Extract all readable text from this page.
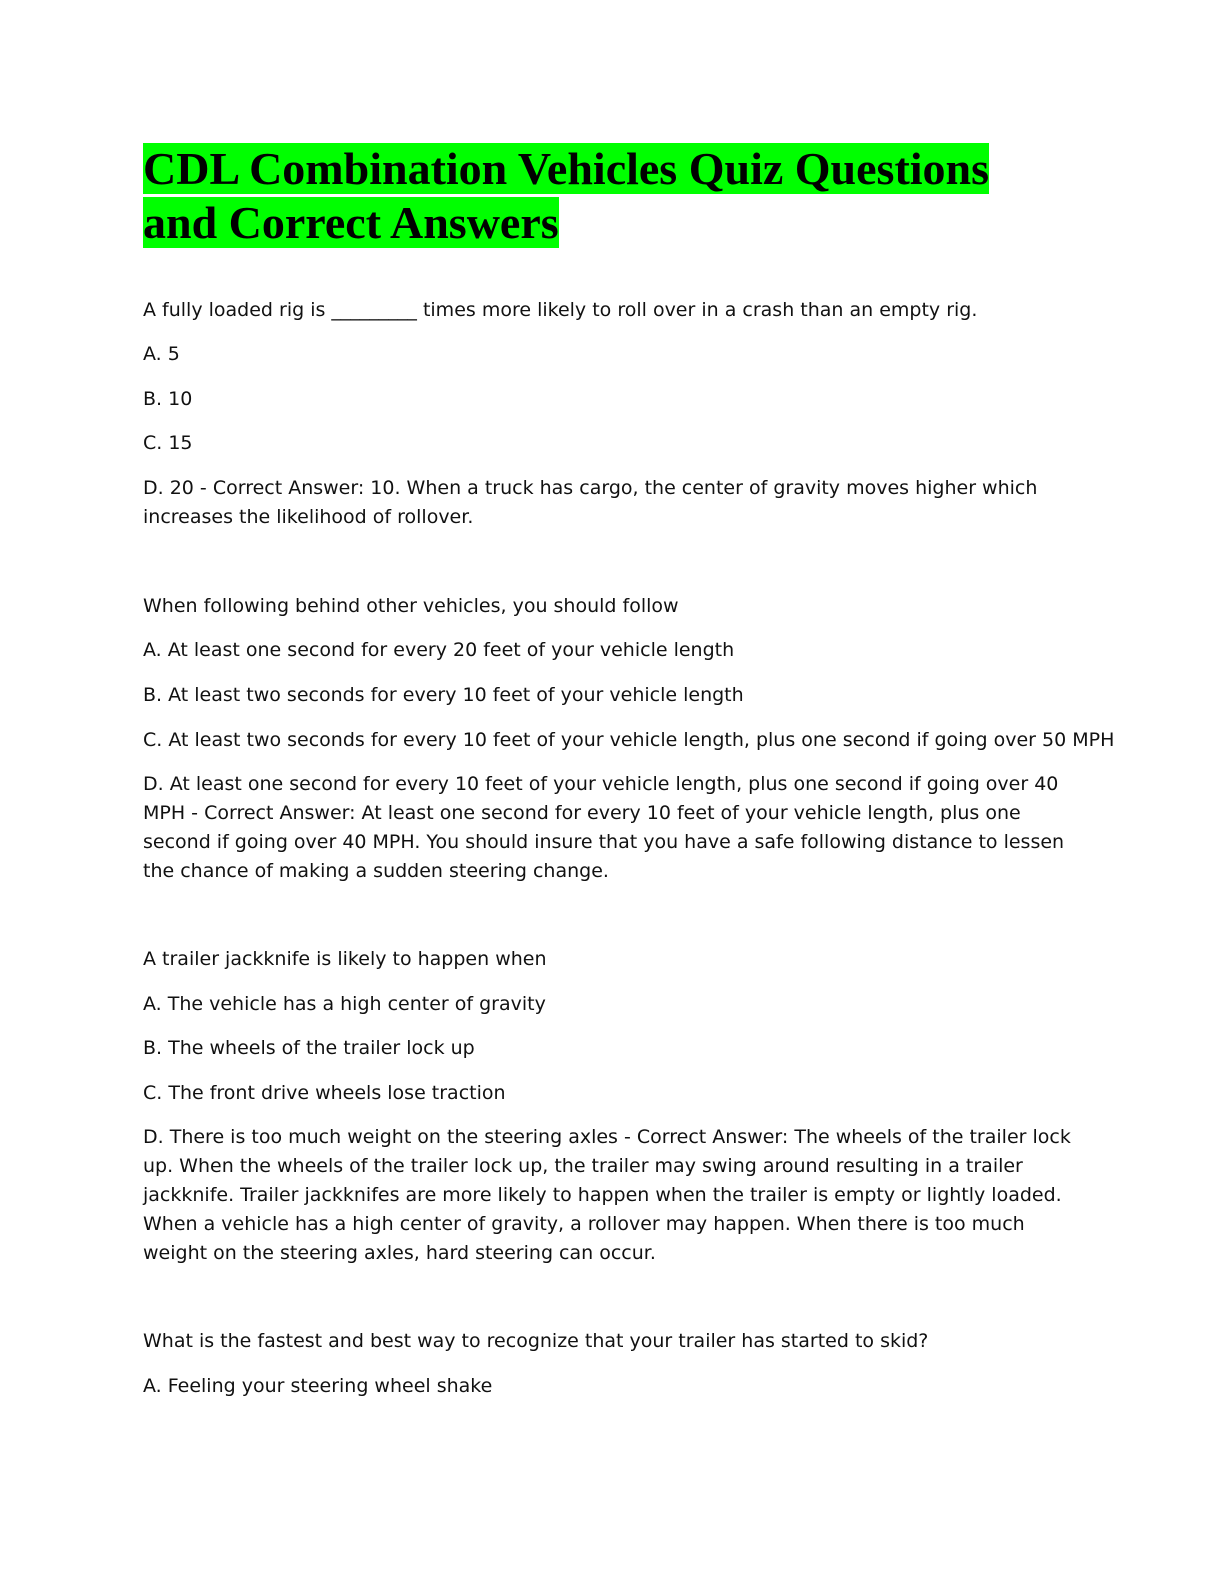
CDL Combination Vehicles Quiz Questions and Correct Answers

A fully loaded rig is _________ times more likely to roll over in a crash than an empty rig.

A. 5

B. 10

C. 15

D. 20 - Correct Answer: 10. When a truck has cargo, the center of gravity moves higher which increases the likelihood of rollover.

When following behind other vehicles, you should follow

A. At least one second for every 20 feet of your vehicle length

B. At least two seconds for every 10 feet of your vehicle length

C. At least two seconds for every 10 feet of your vehicle length, plus one second if going over 50 MPH

D. At least one second for every 10 feet of your vehicle length, plus one second if going over 40 MPH - Correct Answer: At least one second for every 10 feet of your vehicle length, plus one second if going over 40 MPH. You should insure that you have a safe following distance to lessen the chance of making a sudden steering change.

A trailer jackknife is likely to happen when

A. The vehicle has a high center of gravity

B. The wheels of the trailer lock up

C. The front drive wheels lose traction

D. There is too much weight on the steering axles - Correct Answer: The wheels of the trailer lock up. When the wheels of the trailer lock up, the trailer may swing around resulting in a trailer jackknife. Trailer jackknifes are more likely to happen when the trailer is empty or lightly loaded. When a vehicle has a high center of gravity, a rollover may happen. When there is too much weight on the steering axles, hard steering can occur.

What is the fastest and best way to recognize that your trailer has started to skid?

A. Feeling your steering wheel shake
